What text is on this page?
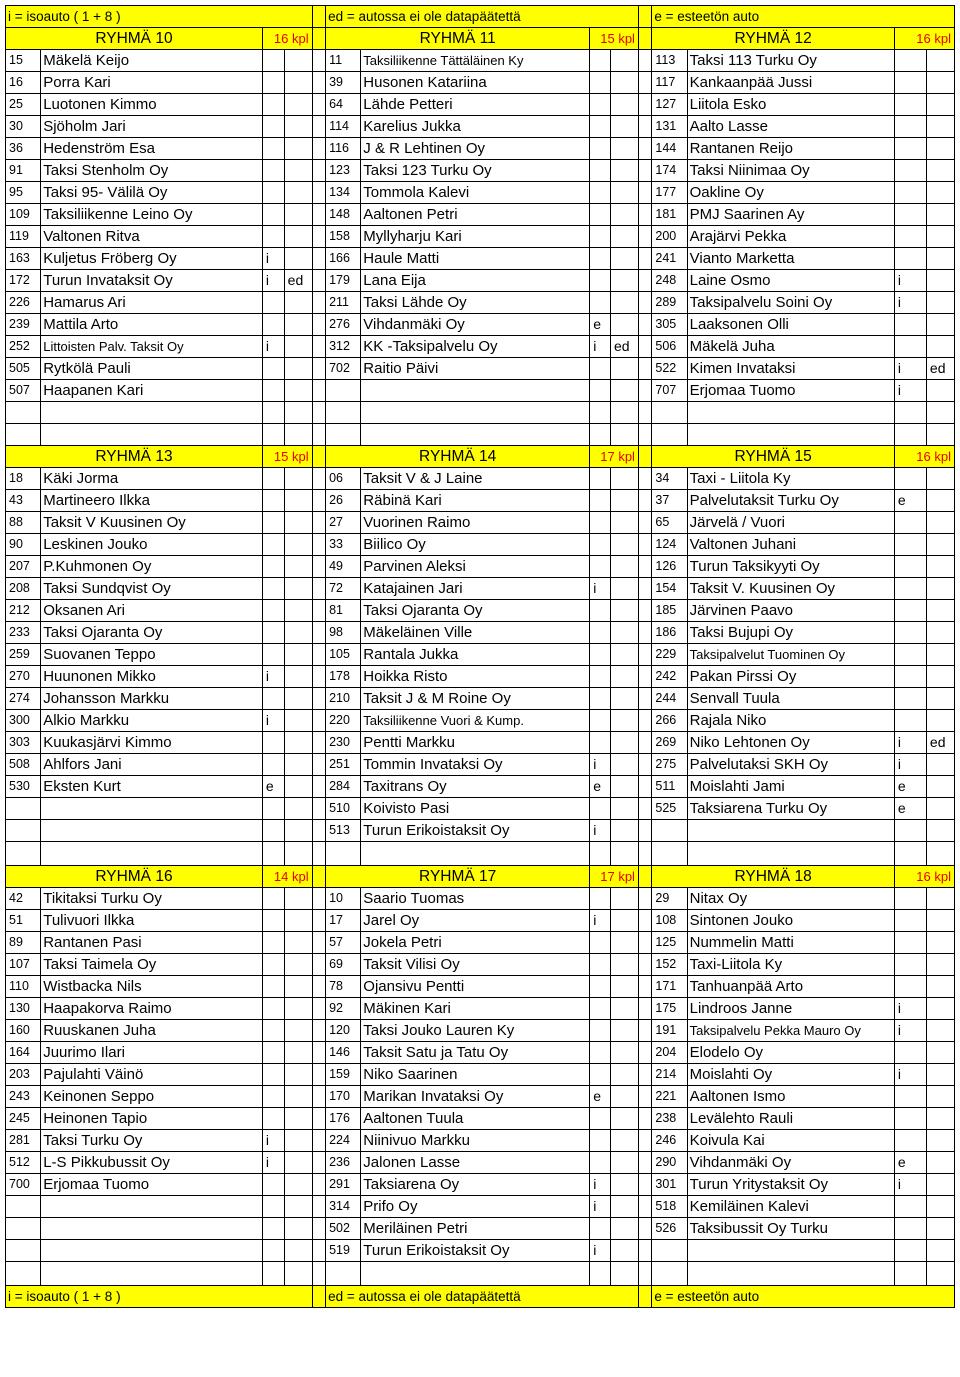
i = isoauto ( 1 + 8 )					ed = autossa ei ole datapäätettä					e = esteetön auto			
RYHMÄ 10		16 kpl			RYHMÄ 11		15 kpl			RYHMÄ 12		16 kpl	
15	Mäkelä Keijo				11	Taksiliikenne Tättäläinen Ky				113	Taksi 113 Turku Oy		
16	Porra Kari				39	Husonen Katariina				117	Kankaanpää Jussi		
25	Luotonen Kimmo				64	Lähde Petteri				127	Liitola Esko		
30	Sjöholm Jari				114	Karelius Jukka				131	Aalto Lasse		
36	Hedenström Esa				116	J & R Lehtinen Oy				144	Rantanen Reijo		
91	Taksi Stenholm Oy				123	Taksi 123 Turku Oy				174	Taksi Niinimaa Oy		
95	Taksi 95- Välilä Oy				134	Tommola Kalevi				177	Oakline Oy		
109	Taksiliikenne Leino Oy				148	Aaltonen Petri				181	PMJ Saarinen Ay		
119	Valtonen Ritva				158	Myllyharju Kari				200	Arajärvi Pekka		
163	Kuljetus Fröberg Oy	i			166	Haule Matti				241	Vianto Marketta		
172	Turun Invataksit Oy	i	ed		179	Lana Eija				248	Laine Osmo	i	
226	Hamarus Ari				211	Taksi Lähde Oy				289	Taksipalvelu Soini Oy	i	
239	Mattila Arto				276	Vihdanmäki Oy	e			305	Laaksonen Olli		
252	Littoisten Palv. Taksit Oy	i			312	KK -Taksipalvelu Oy	i	ed		506	Mäkelä Juha		
505	Rytkölä Pauli				702	Raitio Päivi				522	Kimen Invataksi	i	ed
507	Haapanen Kari									707	Erjomaa Tuomo	i	

RYHMÄ 13		15 kpl			RYHMÄ 14		17 kpl			RYHMÄ 15		16 kpl	
18	Käki Jorma				06	Taksit V & J Laine				34	Taxi - Liitola Ky		
43	Martineero Ilkka				26	Räbinä Kari				37	Palvelutaksit Turku Oy	e	
88	Taksit V Kuusinen Oy				27	Vuorinen Raimo				65	Järvelä / Vuori		
90	Leskinen Jouko				33	Biilico Oy				124	Valtonen Juhani		
207	P.Kuhmonen Oy				49	Parvinen Aleksi				126	Turun Taksikyyti Oy		
208	Taksi Sundqvist Oy				72	Katajainen Jari	i			154	Taksit V. Kuusinen Oy		
212	Oksanen Ari				81	Taksi Ojaranta Oy				185	Järvinen Paavo		
233	Taksi Ojaranta Oy				98	Mäkeläinen Ville				186	Taksi Bujupi Oy		
259	Suovanen Teppo				105	Rantala Jukka				229	Taksipalvelut Tuominen Oy		
270	Huunonen Mikko	i			178	Hoikka Risto				242	Pakan Pirssi Oy		
274	Johansson Markku				210	Taksit J & M Roine Oy				244	Senvall Tuula		
300	Alkio Markku	i			220	Taksiliikenne Vuori & Kump.				266	Rajala Niko		
303	Kuukasjärvi Kimmo				230	Pentti Markku				269	Niko Lehtonen Oy	i	ed
508	Ahlfors Jani				251	Tommin Invataksi Oy	i			275	Palvelutaksi SKH Oy	i	
530	Eksten Kurt	e			284	Taxitrans Oy	e			511	Moislahti Jami	e	
					510	Koivisto Pasi				525	Taksiarena Turku Oy	e	
					513	Turun Erikoistaksit Oy	i						

RYHMÄ 16		14 kpl			RYHMÄ 17		17 kpl			RYHMÄ 18		16 kpl	
42	Tikitaksi Turku Oy				10	Saario Tuomas				29	Nitax Oy		
51	Tulivuori Ilkka				17	Jarel Oy	i			108	Sintonen Jouko		
89	Rantanen Pasi				57	Jokela Petri				125	Nummelin Matti		
107	Taksi Taimela Oy				69	Taksit Vilisi Oy				152	Taxi-Liitola Ky		
110	Wistbacka Nils				78	Ojansivu Pentti				171	Tanhuanpää Arto		
130	Haapakorva Raimo				92	Mäkinen Kari				175	Lindroos Janne	i	
160	Ruuskanen Juha				120	Taksi Jouko Lauren Ky				191	Taksipalvelu Pekka Mauro Oy	i	
164	Juurimo Ilari				146	Taksit Satu ja Tatu Oy				204	Elodelo Oy		
203	Pajulahti Väinö				159	Niko Saarinen				214	Moislahti Oy	i	
243	Keinonen Seppo				170	Marikan Invataksi Oy	e			221	Aaltonen Ismo		
245	Heinonen Tapio				176	Aaltonen Tuula				238	Levälehto Rauli		
281	Taksi Turku Oy	i			224	Niinivuo Markku				246	Koivula Kai		
512	L-S Pikkubussit Oy	i			236	Jalonen Lasse				290	Vihdanmäki Oy	e	
700	Erjomaa Tuomo				291	Taksiarena Oy	i			301	Turun Yritystaksit Oy	i	
					314	Prifo Oy	i			518	Kemiläinen Kalevi		
					502	Meriläinen Petri				526	Taksibussit Oy Turku		
					519	Turun Erikoistaksit Oy	i						

i = isoauto ( 1 + 8 )					ed = autossa ei ole datapäätettä					e = esteetön auto			
